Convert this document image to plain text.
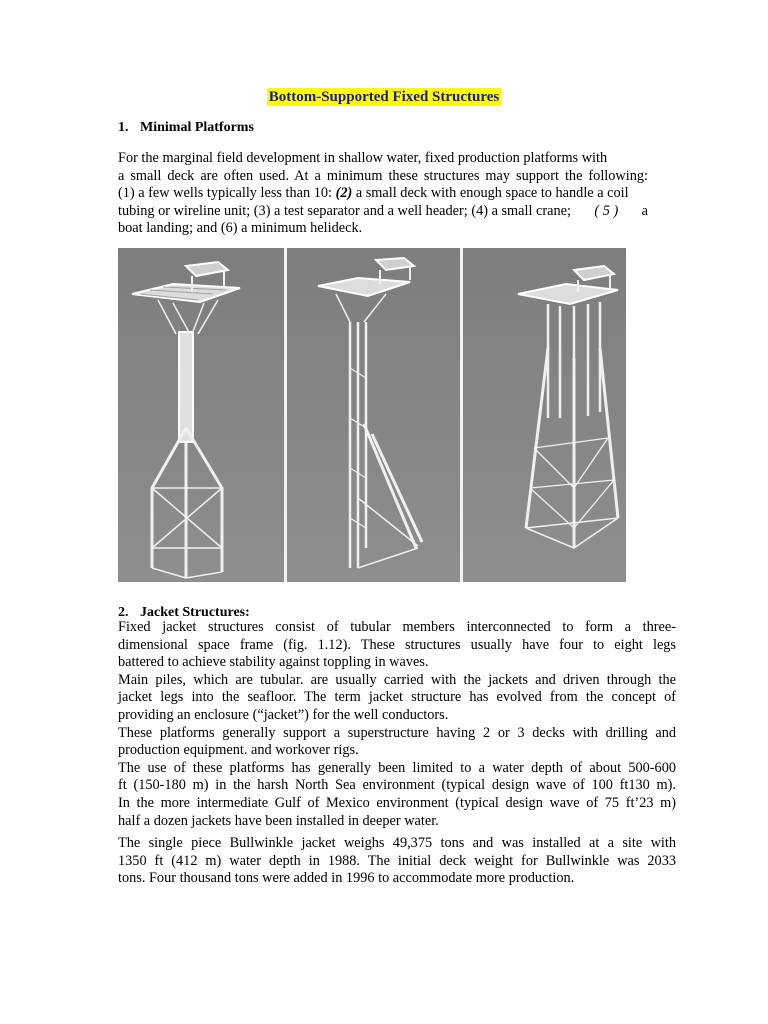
Bottom-Supported Fixed Structures
1. Minimal Platforms
For the marginal field development in shallow water, fixed production platforms with
a small deck are often used. At a minimum these structures may support the following:
(1) a few wells typically less than 10: (2) a small deck with enough space to handle a coil
tubing or wireline unit; (3) a test separator and a well header; (4) a small crane; ( 5 ) a
boat landing; and (6) a minimum helideck.
2. Jacket Structures:
Fixed jacket structures consist of tubular members interconnected to form a three-
dimensional space frame (fig. 1.12). These structures usually have four to eight legs
battered to achieve stability against toppling in waves.
Main piles, which are tubular. are usually carried with the jackets and driven through the
jacket legs into the seafloor. The term jacket structure has evolved from the concept of
providing an enclosure (“jacket”) for the well conductors.
These platforms generally support a superstructure having 2 or 3 decks with drilling and
production equipment. and workover rigs.
The use of these platforms has generally been limited to a water depth of about 500-600
ft (150-180 m) in the harsh North Sea environment (typical design wave of 100 ft130 m).
In the more intermediate Gulf of Mexico environment (typical design wave of 75 ft’23 m)
half a dozen jackets have been installed in deeper water.
The single piece Bullwinkle jacket weighs 49,375 tons and was installed at a site with
1350 ft (412 m) water depth in 1988. The initial deck weight for Bullwinkle was 2033
tons. Four thousand tons were added in 1996 to accommodate more production.
